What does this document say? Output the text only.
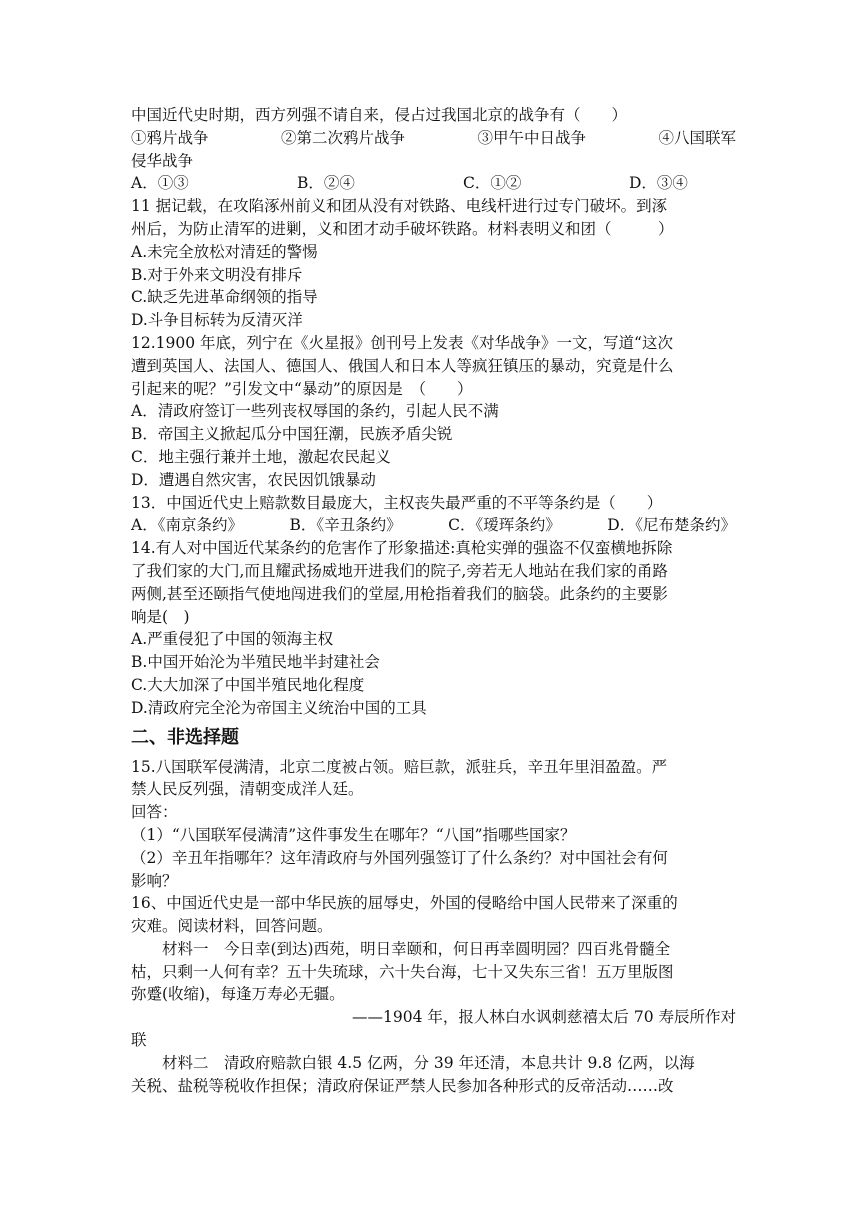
中国近代史时期，西方列强不请自来，侵占过我国北京的战争有（　　）
①鸦片战争	②第二次鸦片战争	③甲午中日战争	④八国联军
侵华战争
A．①③	B．②④	C．①②	D．③④
11 据记载，在攻陷涿州前义和团从没有对铁路、电线杆进行过专门破坏。到涿
州后，为防止清军的进剿，义和团才动手破坏铁路。材料表明义和团（　　　）
A.未完全放松对清廷的警惕
B.对于外来文明没有排斥
C.缺乏先进革命纲领的指导
D.斗争目标转为反清灭洋
12.1900 年底，列宁在《火星报》创刊号上发表《对华战争》一文，写道“这次
遭到英国人、法国人、德国人、俄国人和日本人等疯狂镇压的暴动，究竟是什么
引起来的呢？”引发文中“暴动”的原因是　（　　）
A．清政府签订一些列丧权辱国的条约，引起人民不满
B．帝国主义掀起瓜分中国狂潮，民族矛盾尖锐
C．地主强行兼并土地，激起农民起义
D．遭遇自然灾害，农民因饥饿暴动
13．中国近代史上赔款数目最庞大，主权丧失最严重的不平等条约是（　　）
A．《南京条约》	B．《辛丑条约》	C．《瑷珲条约》	D．《尼布楚条约》
14.有人对中国近代某条约的危害作了形象描述:真枪实弹的强盗不仅蛮横地拆除
了我们家的大门,而且耀武扬威地开进我们的院子,旁若无人地站在我们家的甬路
两侧,甚至还颐指气使地闯进我们的堂屋,用枪指着我们的脑袋。此条约的主要影
响是(　)
A.严重侵犯了中国的领海主权
B.中国开始沦为半殖民地半封建社会
C.大大加深了中国半殖民地化程度
D.清政府完全沦为帝国主义统治中国的工具
二、非选择题
15.八国联军侵满清，北京二度被占领。赔巨款，派驻兵，辛丑年里泪盈盈。严
禁人民反列强，清朝变成洋人廷。
回答：
（1）“八国联军侵满清”这件事发生在哪年？“八国”指哪些国家？
（2）辛丑年指哪年？这年清政府与外国列强签订了什么条约？对中国社会有何
影响？
16、中国近代史是一部中华民族的屈辱史，外国的侵略给中国人民带来了深重的
灾难。阅读材料，回答问题。
材料一　今日幸(到达)西苑，明日幸颐和，何日再幸圆明园？四百兆骨髓全
枯，只剩一人何有幸？五十失琉球，六十失台海，七十又失东三省！五万里版图
弥蹙(收缩)，每逢万寿必无疆。
——1904 年，报人林白水讽刺慈禧太后 70 寿辰所作对
联
材料二　清政府赔款白银 4.5 亿两，分 39 年还清，本息共计 9.8 亿两，以海
关税、盐税等税收作担保；清政府保证严禁人民参加各种形式的反帝活动……改
